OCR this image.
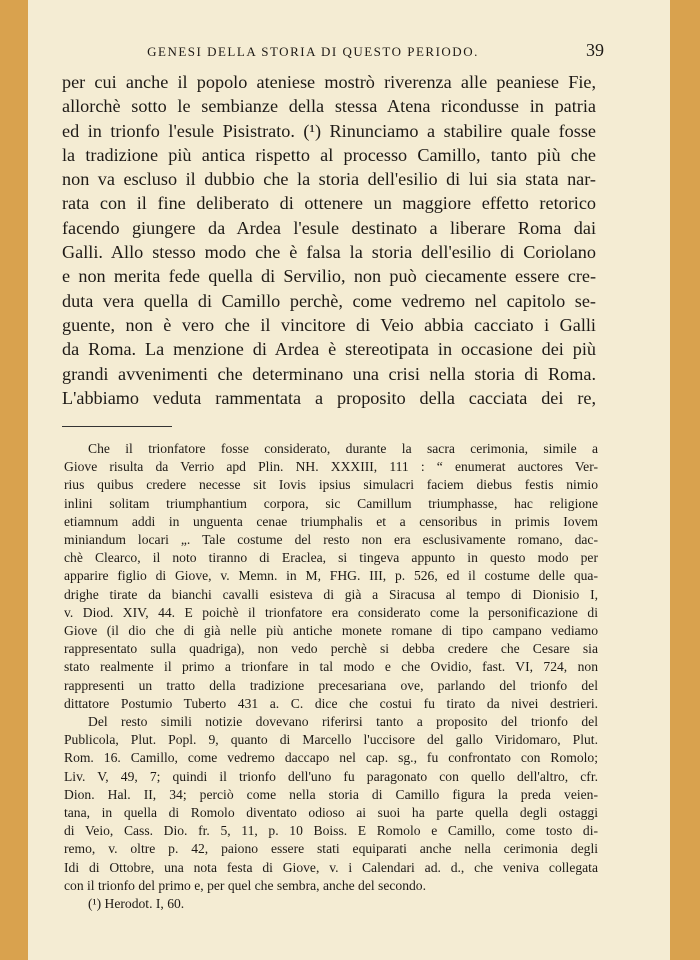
GENESI DELLA STORIA DI QUESTO PERIODO.	39
per cui anche il popolo ateniese mostrò riverenza alle peaniese Fie,
allorchè sotto le sembianze della stessa Atena ricondusse in patria
ed in trionfo l'esule Pisistrato. (¹) Rinunciamo a stabilire quale fosse
la tradizione più antica rispetto al processo Camillo, tanto più che
non va escluso il dubbio che la storia dell'esilio di lui sia stata nar-
rata con il fine deliberato di ottenere un maggiore effetto retorico
facendo giungere da Ardea l'esule destinato a liberare Roma dai
Galli. Allo stesso modo che è falsa la storia dell'esilio di Coriolano
e non merita fede quella di Servilio, non può ciecamente essere cre-
duta vera quella di Camillo perchè, come vedremo nel capitolo se-
guente, non è vero che il vincitore di Veio abbia cacciato i Galli
da Roma. La menzione di Ardea è stereotipata in occasione dei più
grandi avvenimenti che determinano una crisi nella storia di Roma.
L'abbiamo veduta rammentata a proposito della cacciata dei re,
Che il trionfatore fosse considerato, durante la sacra cerimonia, simile a
Giove risulta da Verrio apd Plin. NH. XXXIII, 111 : “ enumerat auctores Ver-
rius quibus credere necesse sit Iovis ipsius simulacri faciem diebus festis nimio
inlini solitam triumphantium corpora, sic Camillum triumphasse, hac religione
etiamnum addi in unguenta cenae triumphalis et a censoribus in primis Iovem
miniandum locari „. Tale costume del resto non era esclusivamente romano, dac-
chè Clearco, il noto tiranno di Eraclea, si tingeva appunto in questo modo per
apparire figlio di Giove, v. Memn. in M, FHG. III, p. 526, ed il costume delle qua-
drighe tirate da bianchi cavalli esisteva di già a Siracusa al tempo di Dionisio I,
v. Diod. XIV, 44. E poichè il trionfatore era considerato come la personificazione di
Giove (il dio che di già nelle più antiche monete romane di tipo campano vediamo
rappresentato sulla quadriga), non vedo perchè si debba credere che Cesare sia
stato realmente il primo a trionfare in tal modo e che Ovidio, fast. VI, 724, non
rappresenti un tratto della tradizione precesariana ove, parlando del trionfo del
dittatore Postumio Tuberto 431 a. C. dice che costui fu tirato da nivei destrieri.
Del resto simili notizie dovevano riferirsi tanto a proposito del trionfo del
Publicola, Plut. Popl. 9, quanto di Marcello l'uccisore del gallo Viridomaro, Plut.
Rom. 16. Camillo, come vedremo daccapo nel cap. sg., fu confrontato con Romolo;
Liv. V, 49, 7; quindi il trionfo dell'uno fu paragonato con quello dell'altro, cfr.
Dion. Hal. II, 34; perciò come nella storia di Camillo figura la preda veien-
tana, in quella di Romolo diventato odioso ai suoi ha parte quella degli ostaggi
di Veio, Cass. Dio. fr. 5, 11, p. 10 Boiss. E Romolo e Camillo, come tosto di-
remo, v. oltre p. 42, paiono essere stati equiparati anche nella cerimonia degli
Idi di Ottobre, una nota festa di Giove, v. i Calendari ad. d., che veniva collegata
con il trionfo del primo e, per quel che sembra, anche del secondo.
(¹) Herodot. I, 60.
